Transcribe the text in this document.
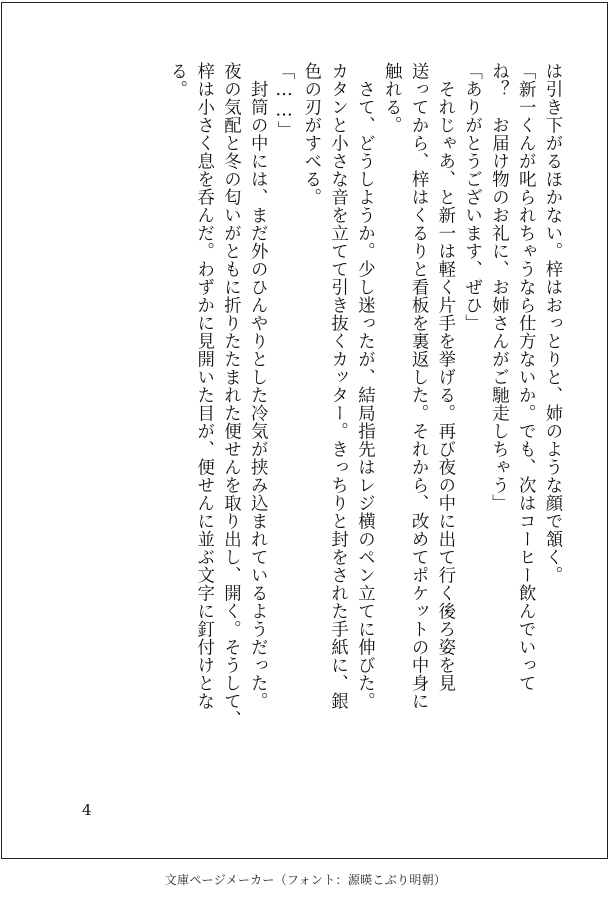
は引き下がるほかない。梓はおっとりと、姉のような顔で頷く。
「新一くんが叱られちゃうなら仕方ないか。でも、次はコーヒー飲んでいって
ね？　お届け物のお礼に、お姉さんがご馳走しちゃう」
「ありがとうございます、ぜひ」
　それじゃあ、と新一は軽く片手を挙げる。再び夜の中に出て行く後ろ姿を見
送ってから、梓はくるりと看板を裏返した。それから、改めてポケットの中身に
触れる。
　さて、どうしようか。少し迷ったが、結局指先はレジ横のペン立てに伸びた。
カタンと小さな音を立てて引き抜くカッター。きっちりと封をされた手紙に、銀
色の刃がすべる。
「……」
　封筒の中には、まだ外のひんやりとした冷気が挟み込まれているようだった。
夜の気配と冬の匂いがともに折りたたまれた便せんを取り出し、開く。そうして、
梓は小さく息を呑んだ。わずかに見開いた目が、便せんに並ぶ文字に釘付けとな
る。
4
文庫ページメーカー（フォント：源暎こぶり明朝）
